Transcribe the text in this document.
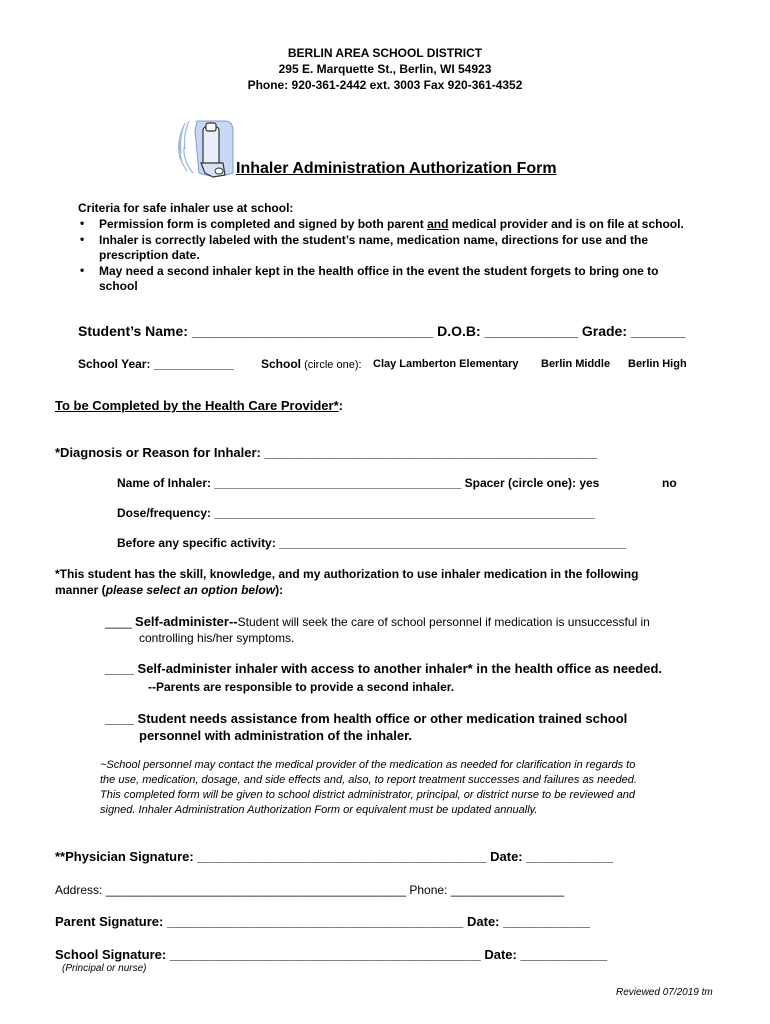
BERLIN AREA SCHOOL DISTRICT
295 E. Marquette St., Berlin, WI 54923
Phone: 920-361-2442 ext. 3003 Fax 920-361-4352
Inhaler Administration Authorization Form
Criteria for safe inhaler use at school:
• Permission form is completed and signed by both parent and medical provider and is on file at school.
• Inhaler is correctly labeled with the student’s name, medication name, directions for use and the
prescription date.
• May need a second inhaler kept in the health office in the event the student forgets to bring one to
school
Student’s Name: _______________________________ D.O.B: ____________ Grade: _______
School Year: ____________ School (circle one): Clay Lamberton Elementary Berlin Middle Berlin High
To be Completed by the Health Care Provider*:
*Diagnosis or Reason for Inhaler: ______________________________________________
Name of Inhaler: _____________________________________ Spacer (circle one): yes	no
Dose/frequency: _________________________________________________________
Before any specific activity: ____________________________________________________
*This student has the skill, knowledge, and my authorization to use inhaler medication in the following
manner (please select an option below):
____ Self-administer--Student will seek the care of school personnel if medication is unsuccessful in
controlling his/her symptoms.
____ Self-administer inhaler with access to another inhaler* in the health office as needed.
--Parents are responsible to provide a second inhaler.
____ Student needs assistance from health office or other medication trained school
personnel with administration of the inhaler.
~School personnel may contact the medical provider of the medication as needed for clarification in regards to
the use, medication, dosage, and side effects and, also, to report treatment successes and failures as needed.
This completed form will be given to school district administrator, principal, or district nurse to be reviewed and
signed. Inhaler Administration Authorization Form or equivalent must be updated annually.
**Physician Signature: ________________________________________ Date: ____________
Address: _____________________________________________ Phone: _________________
Parent Signature: _________________________________________ Date: ____________
School Signature: ___________________________________________ Date: ____________
(Principal or nurse)
Reviewed 07/2019 tm
